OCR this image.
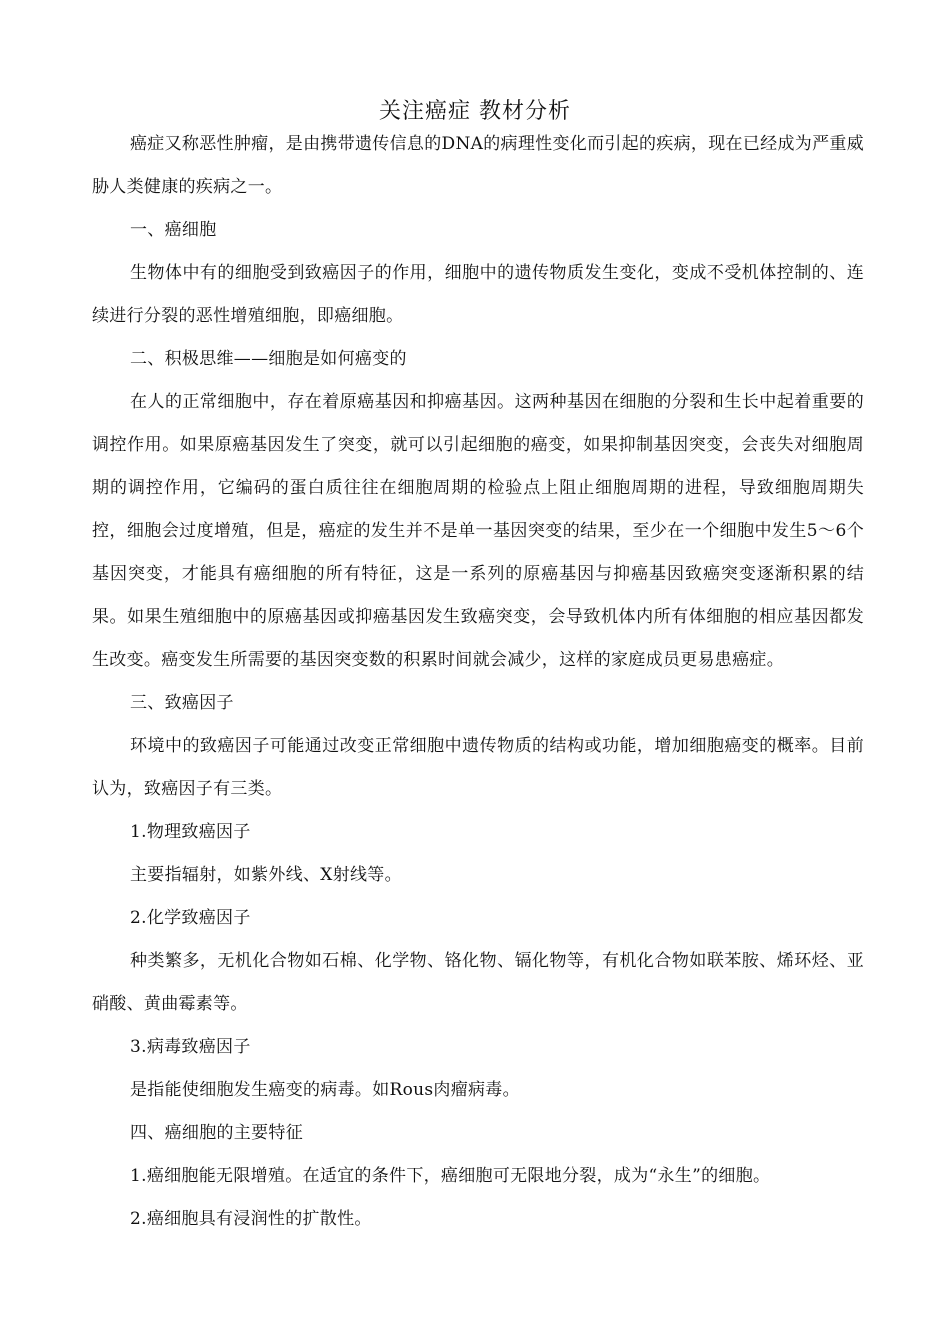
关注癌症 教材分析

癌症又称恶性肿瘤，是由携带遗传信息的DNA的病理性变化而引起的疾病，现在已经成为严重威胁人类健康的疾病之一。

一、癌细胞

生物体中有的细胞受到致癌因子的作用，细胞中的遗传物质发生变化，变成不受机体控制的、连续进行分裂的恶性增殖细胞，即癌细胞。

二、积极思维——细胞是如何癌变的

在人的正常细胞中，存在着原癌基因和抑癌基因。这两种基因在细胞的分裂和生长中起着重要的调控作用。如果原癌基因发生了突变，就可以引起细胞的癌变，如果抑制基因突变，会丧失对细胞周期的调控作用，它编码的蛋白质往往在细胞周期的检验点上阻止细胞周期的进程，导致细胞周期失控，细胞会过度增殖，但是，癌症的发生并不是单一基因突变的结果，至少在一个细胞中发生5～6个基因突变，才能具有癌细胞的所有特征，这是一系列的原癌基因与抑癌基因致癌突变逐渐积累的结果。如果生殖细胞中的原癌基因或抑癌基因发生致癌突变，会导致机体内所有体细胞的相应基因都发生改变。癌变发生所需要的基因突变数的积累时间就会减少，这样的家庭成员更易患癌症。

三、致癌因子

环境中的致癌因子可能通过改变正常细胞中遗传物质的结构或功能，增加细胞癌变的概率。目前认为，致癌因子有三类。

1.物理致癌因子

主要指辐射，如紫外线、X射线等。

2.化学致癌因子

种类繁多，无机化合物如石棉、化学物、铬化物、镉化物等，有机化合物如联苯胺、烯环烃、亚硝酸、黄曲霉素等。

3.病毒致癌因子

是指能使细胞发生癌变的病毒。如Rous肉瘤病毒。

四、癌细胞的主要特征

1.癌细胞能无限增殖。在适宜的条件下，癌细胞可无限地分裂，成为“永生”的细胞。

2.癌细胞具有浸润性的扩散性。
